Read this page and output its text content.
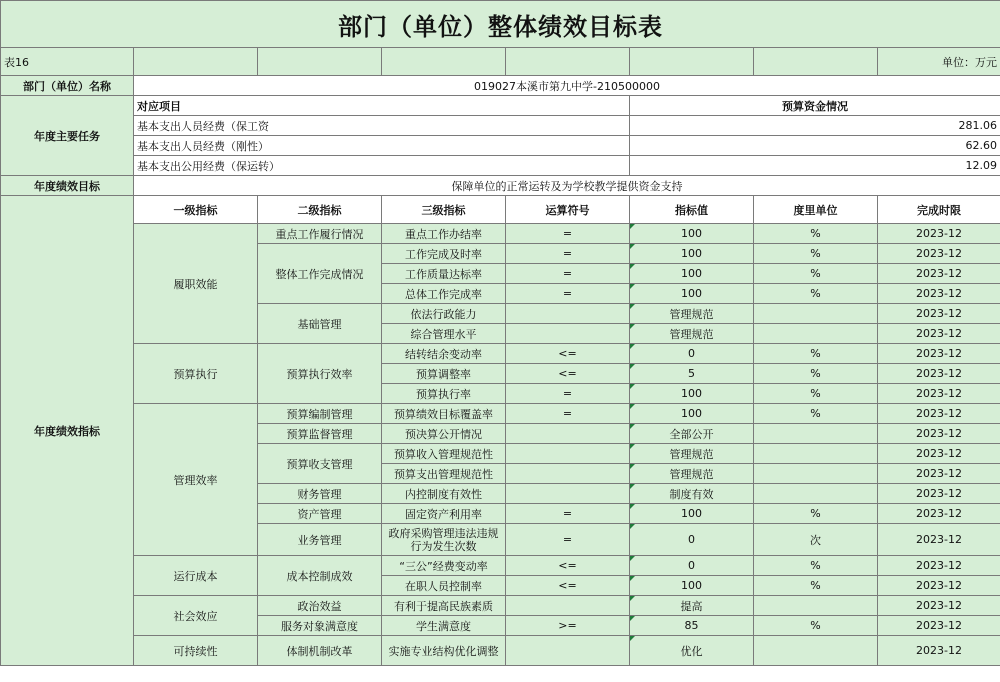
部门（单位）整体绩效目标表							
表16							单位：万元
部门（单位）名称	019027本溪市第九中学-210500000						
年度主要任务	对应项目				预算资金情况		
	基本支出人员经费（保工资				281.06		
	基本支出人员经费（刚性）				62.60		
	基本支出公用经费（保运转）				12.09		
年度绩效目标	保障单位的正常运转及为学校教学提供资金支持						
年度绩效指标	一级指标	二级指标	三级指标	运算符号	指标值	度里单位	完成时限
	履职效能	重点工作履行情况	重点工作办结率	=	100	%	2023-12
		整体工作完成情况	工作完成及时率	=	100	%	2023-12
			工作质量达标率	=	100	%	2023-12
			总体工作完成率	=	100	%	2023-12
		基础管理	依法行政能力		管理规范		2023-12
			综合管理水平		管理规范		2023-12
	预算执行	预算执行效率	结转结余变动率	<=	0	%	2023-12
			预算调整率	<=	5	%	2023-12
			预算执行率	=	100	%	2023-12
	管理效率	预算编制管理	预算绩效目标覆盖率	=	100	%	2023-12
		预算监督管理	预决算公开情况		全部公开		2023-12
		预算收支管理	预算收入管理规范性		管理规范		2023-12
			预算支出管理规范性		管理规范		2023-12
		财务管理	内控制度有效性		制度有效		2023-12
		资产管理	固定资产利用率	=	100	%	2023-12
		业务管理	政府采购管理违法违规行为发生次数	=	0	次	2023-12
	运行成本	成本控制成效	“三公”经费变动率	<=	0	%	2023-12
			在职人员控制率	<=	100	%	2023-12
	社会效应	政治效益	有利于提高民族素质		提高		2023-12
		服务对象满意度	学生满意度	>=	85	%	2023-12
	可持续性	体制机制改革	实施专业结构优化调整		优化		2023-12
